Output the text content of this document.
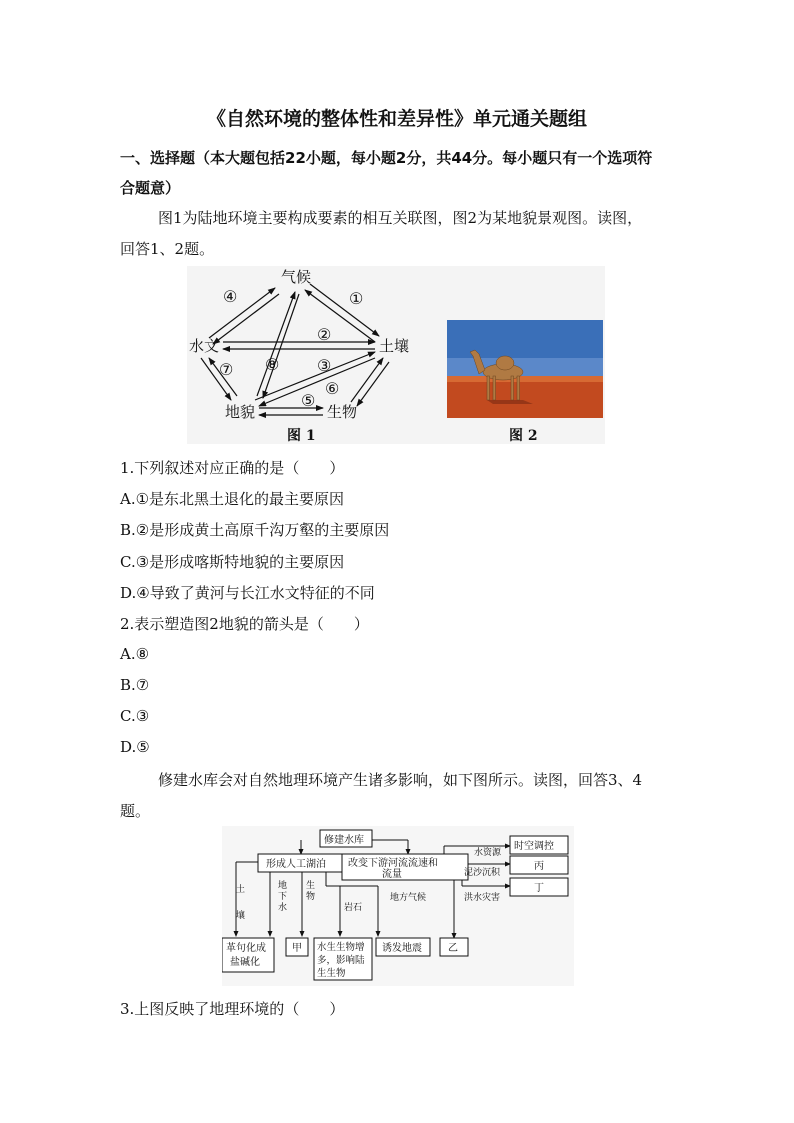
《自然环境的整体性和差异性》单元通关题组
一、选择题（本大题包括22小题，每小题2分，共44分。每小题只有一个选项符
合题意）
图1为陆地环境主要构成要素的相互关联图，图2为某地貌景观图。读图，
回答1、2题。
气候
水文	土壤
地貌	生物
①
②
③
④
⑤
⑥
⑦ ⑧
图 1	图 2
1.下列叙述对应正确的是（　　）
A.①是东北黑土退化的最主要原因
B.②是形成黄土高原千沟万壑的主要原因
C.③是形成喀斯特地貌的主要原因
D.④导致了黄河与长江水文特征的不同
2.表示塑造图2地貌的箭头是（　　）
A.⑧
B.⑦
C.③
D.⑤
修建水库会对自然地理环境产生诸多影响，如下图所示。读图，回答3、4
题。
修建水库
形成人工湖泊 改变下游河流流速和
流量
水资源
泥沙沉积
洪水灾害
时空调控
丙
丁
土
壤
地
下
水
生
物
岩石
地方气候
革句化成
盐碱化
甲 水生生物增
多，影响陆
生生物
诱发地震	乙
3.上图反映了地理环境的（　　）
